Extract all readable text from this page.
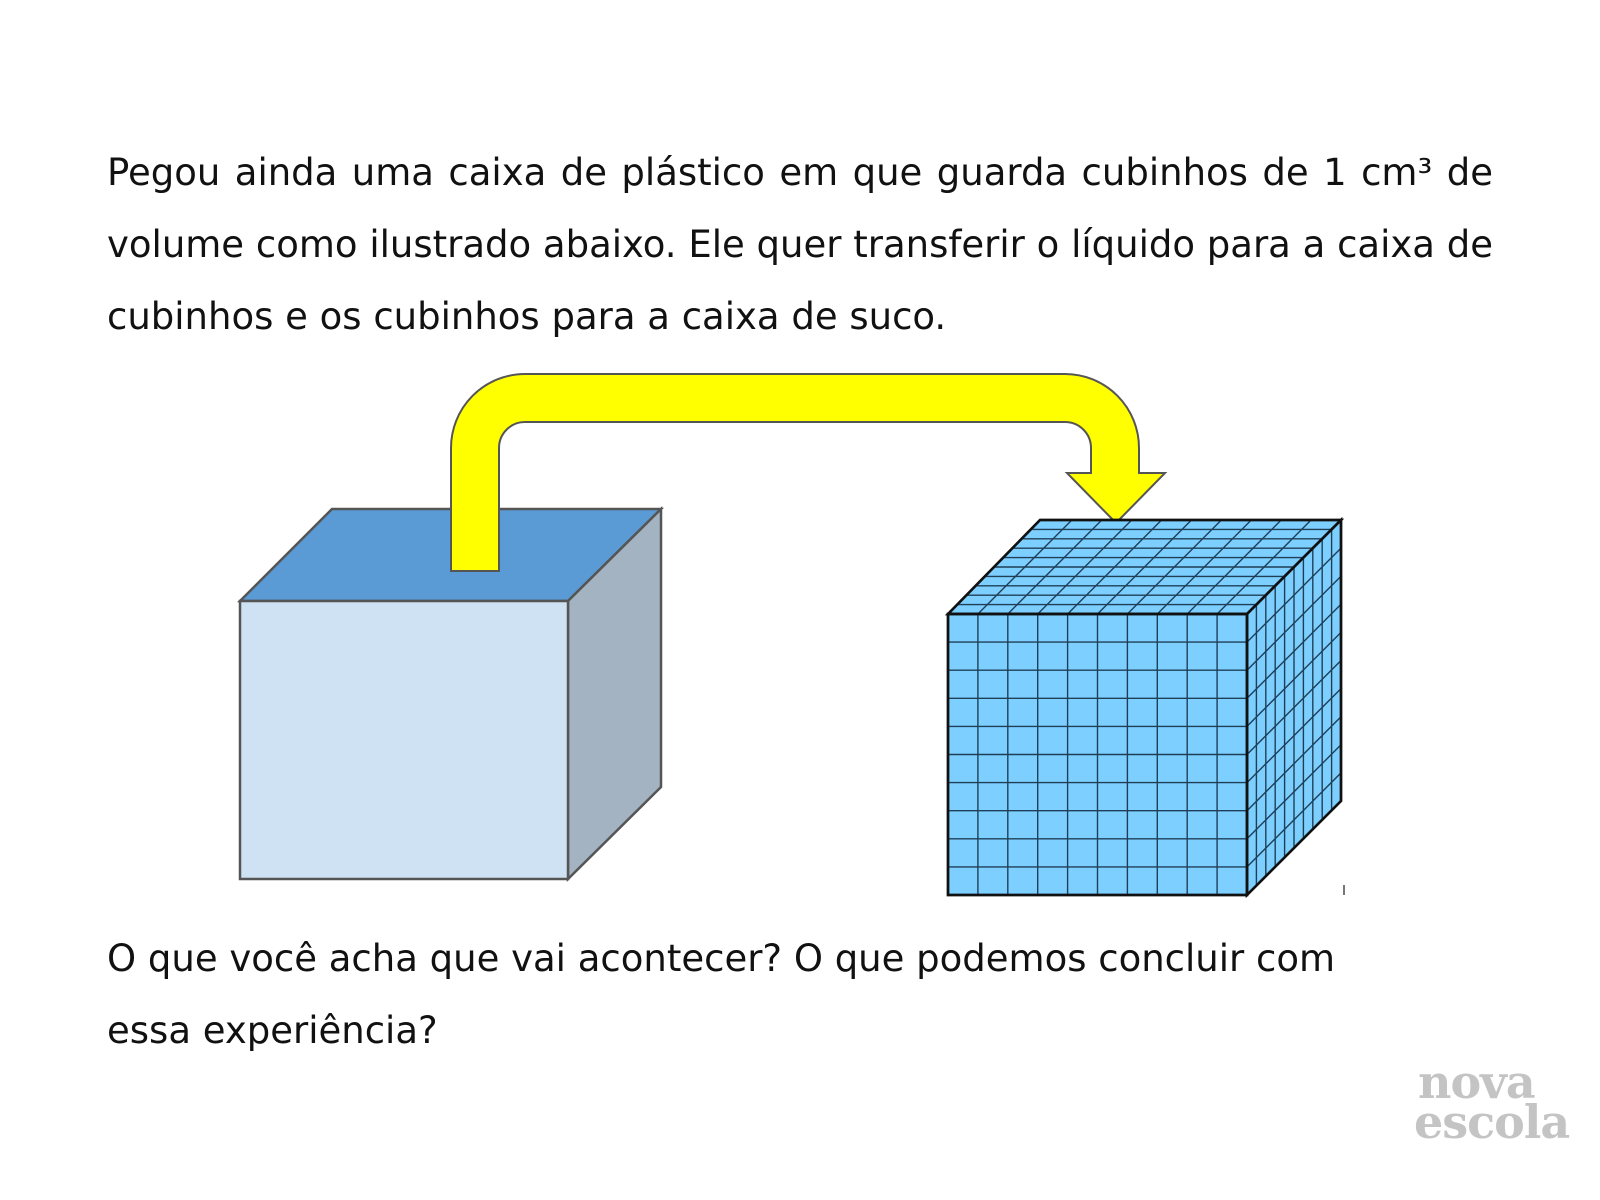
Pegou ainda uma caixa de plástico em que guarda cubinhos de 1 cm³ de volume como ilustrado abaixo. Ele quer transferir o líquido para a caixa de cubinhos e os cubinhos para a caixa de suco.

O que você acha que vai acontecer? O que podemos concluir com essa experiência?

nova
escola
